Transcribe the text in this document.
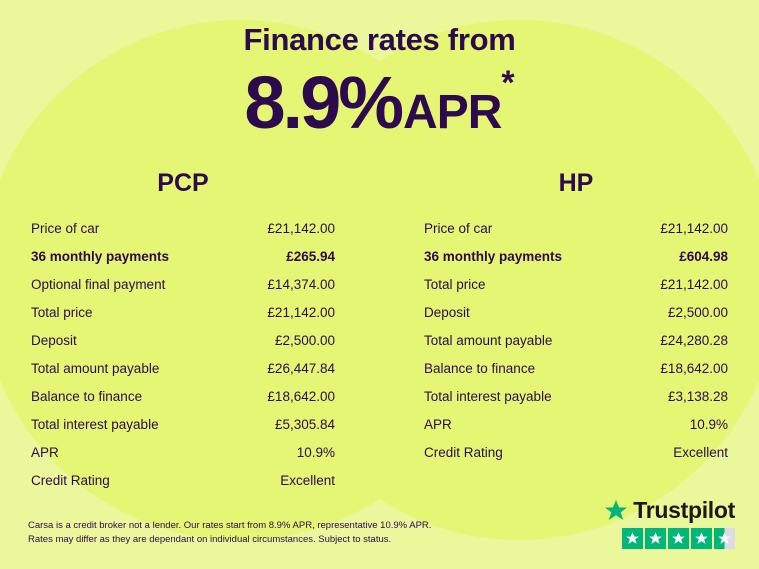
Finance rates from
8.9%APR*
PCP
Price of car	£21,142.00
36 monthly payments	£265.94
Optional final payment	£14,374.00
Total price	£21,142.00
Deposit	£2,500.00
Total amount payable	£26,447.84
Balance to finance	£18,642.00
Total interest payable	£5,305.84
APR	10.9%
Credit Rating	Excellent
HP
Price of car	£21,142.00
36 monthly payments	£604.98
Total price	£21,142.00
Deposit	£2,500.00
Total amount payable	£24,280.28
Balance to finance	£18,642.00
Total interest payable	£3,138.28
APR	10.9%
Credit Rating	Excellent
Carsa is a credit broker not a lender. Our rates start from 8.9% APR, representative 10.9% APR. Rates may differ as they are dependant on individual circumstances. Subject to status.
Trustpilot
